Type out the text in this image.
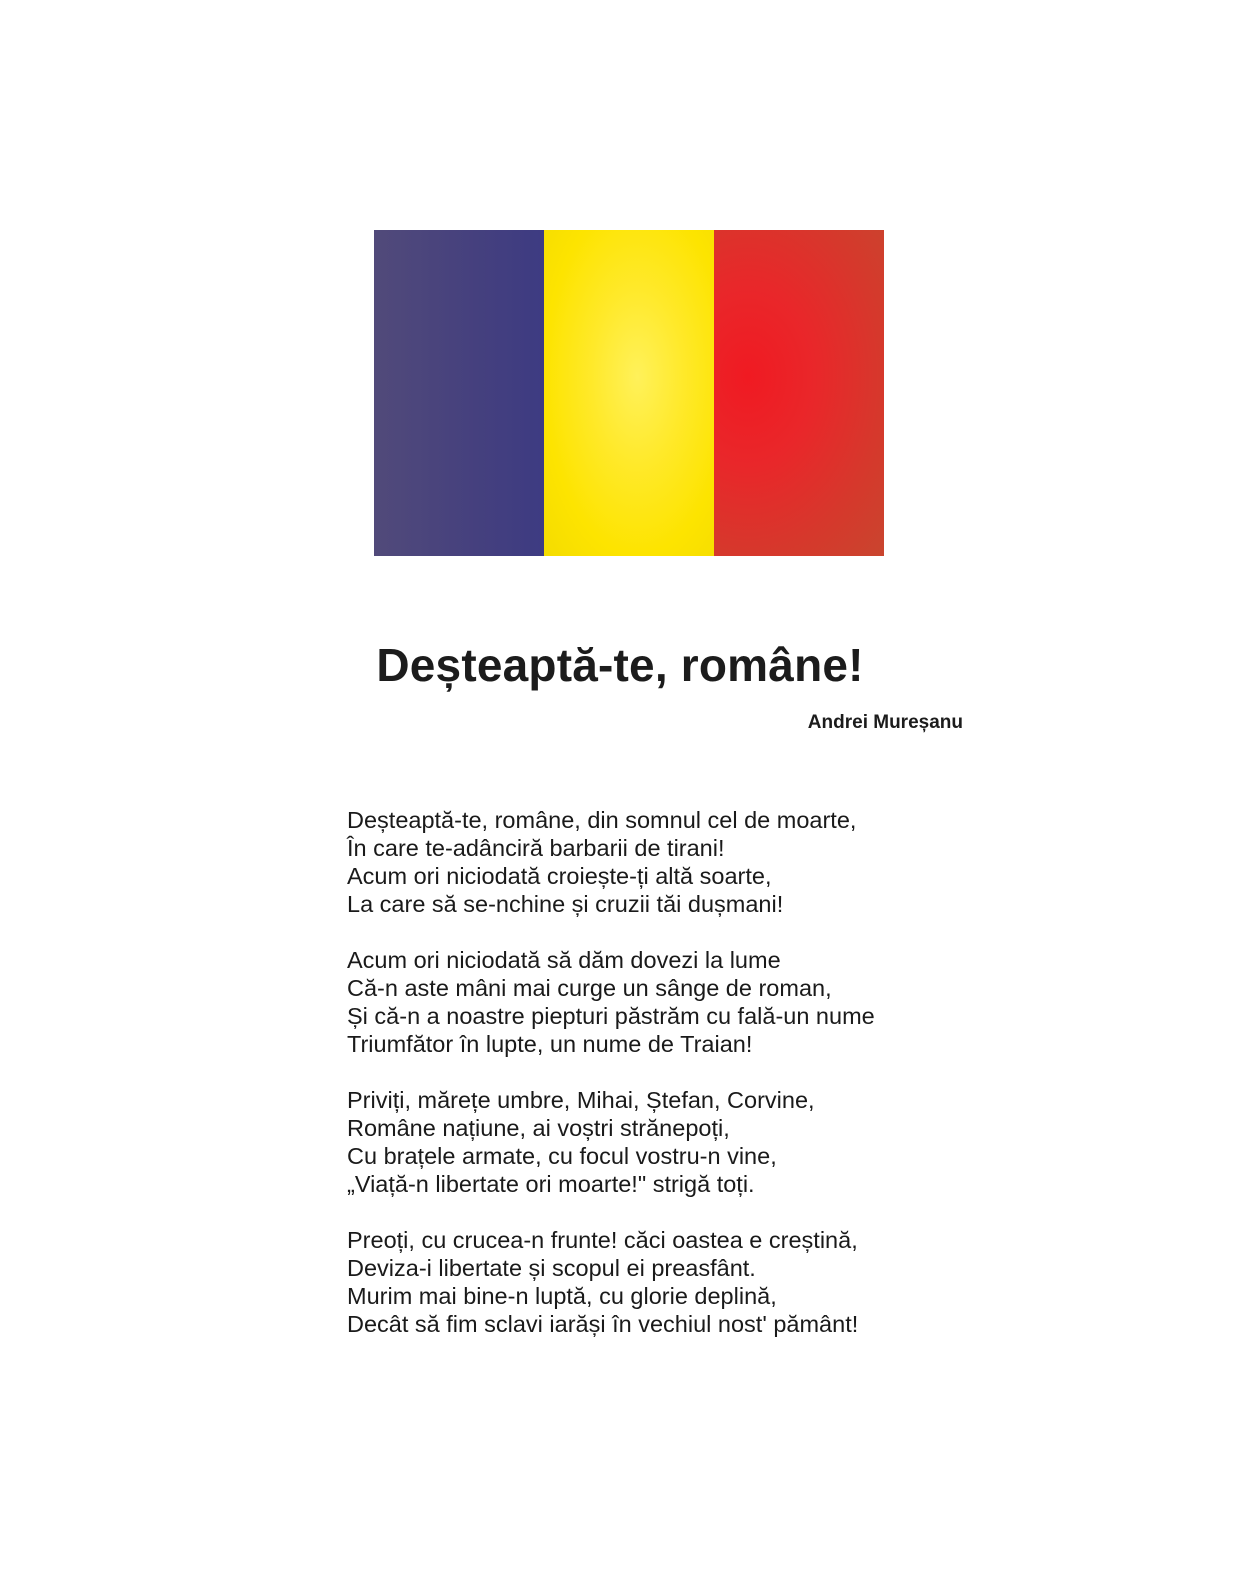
Deșteaptă-te, române!
Andrei Mureșanu
Deșteaptă-te, române, din somnul cel de moarte,
În care te-adânciră barbarii de tirani!
Acum ori niciodată croiește-ți altă soarte,
La care să se-nchine și cruzii tăi dușmani!
Acum ori niciodată să dăm dovezi la lume
Că-n aste mâni mai curge un sânge de roman,
Și că-n a noastre piepturi păstrăm cu fală-un nume
Triumfător în lupte, un nume de Traian!
Priviți, mărețe umbre, Mihai, Ștefan, Corvine,
Române națiune, ai voștri strănepoți,
Cu brațele armate, cu focul vostru-n vine,
„Viață-n libertate ori moarte!" strigă toți.
Preoți, cu crucea-n frunte! căci oastea e creștină,
Deviza-i libertate și scopul ei preasfânt.
Murim mai bine-n luptă, cu glorie deplină,
Decât să fim sclavi iarăși în vechiul nost' pământ!
